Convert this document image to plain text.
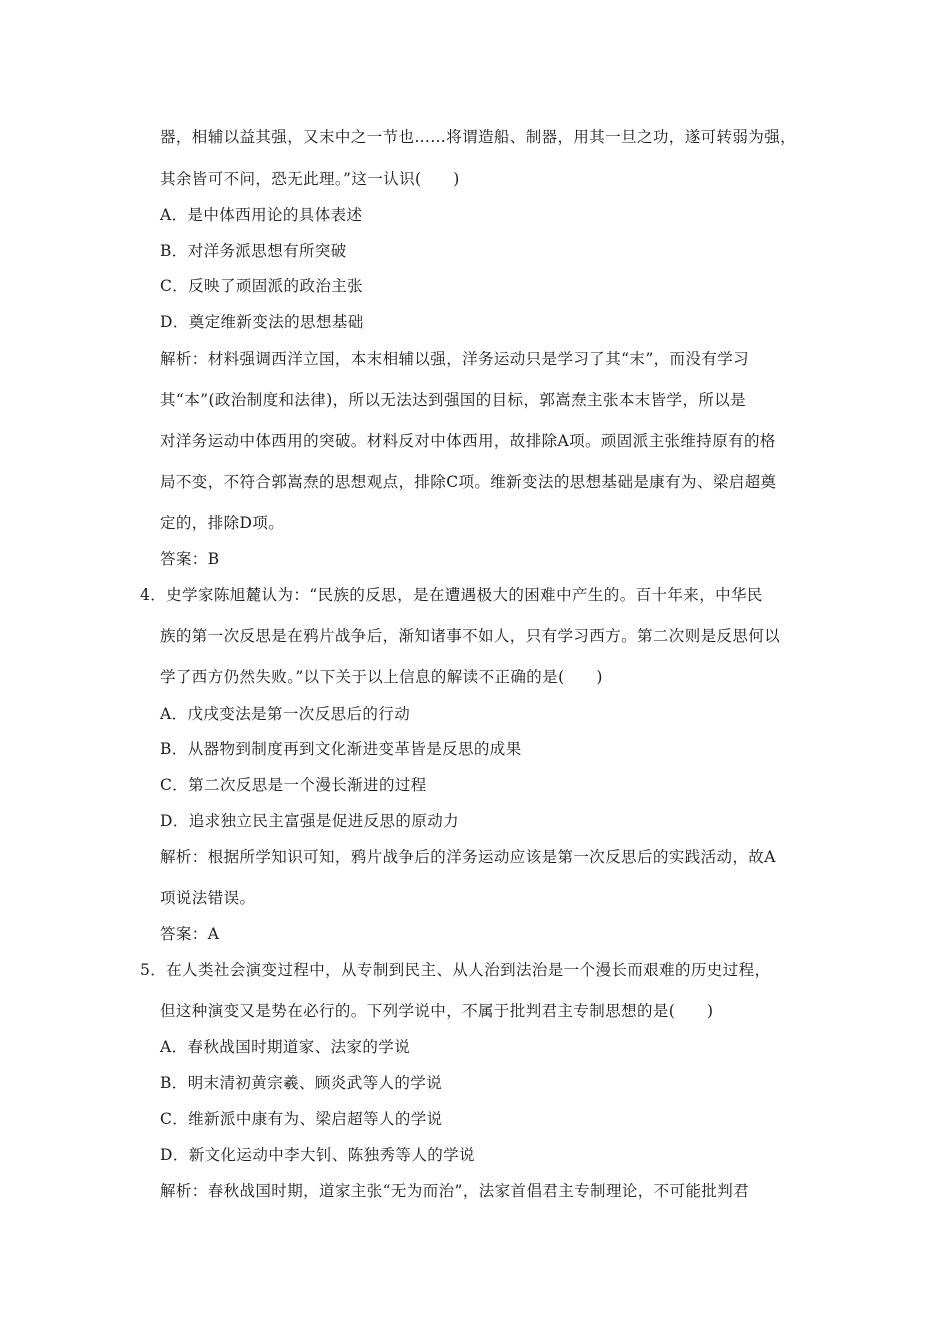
器，相辅以益其强，又末中之一节也……将谓造船、制器，用其一旦之功，遂可转弱为强，
其余皆可不问，恐无此理。”这一认识(　　)
A．是中体西用论的具体表述
B．对洋务派思想有所突破
C．反映了顽固派的政治主张
D．奠定维新变法的思想基础
解析：材料强调西洋立国，本末相辅以强，洋务运动只是学习了其“末”，而没有学习
其“本”(政治制度和法律)，所以无法达到强国的目标，郭嵩焘主张本末皆学，所以是
对洋务运动中体西用的突破。材料反对中体西用，故排除A项。顽固派主张维持原有的格
局不变，不符合郭嵩焘的思想观点，排除C项。维新变法的思想基础是康有为、梁启超奠
定的，排除D项。
答案：B
4．史学家陈旭麓认为：“民族的反思，是在遭遇极大的困难中产生的。百十年来，中华民
族的第一次反思是在鸦片战争后，渐知诸事不如人，只有学习西方。第二次则是反思何以
学了西方仍然失败。”以下关于以上信息的解读不正确的是(　　)
A．戊戌变法是第一次反思后的行动
B．从器物到制度再到文化渐进变革皆是反思的成果
C．第二次反思是一个漫长渐进的过程
D．追求独立民主富强是促进反思的原动力
解析：根据所学知识可知，鸦片战争后的洋务运动应该是第一次反思后的实践活动，故A
项说法错误。
答案：A
5．在人类社会演变过程中，从专制到民主、从人治到法治是一个漫长而艰难的历史过程，
但这种演变又是势在必行的。下列学说中，不属于批判君主专制思想的是(　　)
A．春秋战国时期道家、法家的学说
B．明末清初黄宗羲、顾炎武等人的学说
C．维新派中康有为、梁启超等人的学说
D．新文化运动中李大钊、陈独秀等人的学说
解析：春秋战国时期，道家主张“无为而治”，法家首倡君主专制理论，不可能批判君
